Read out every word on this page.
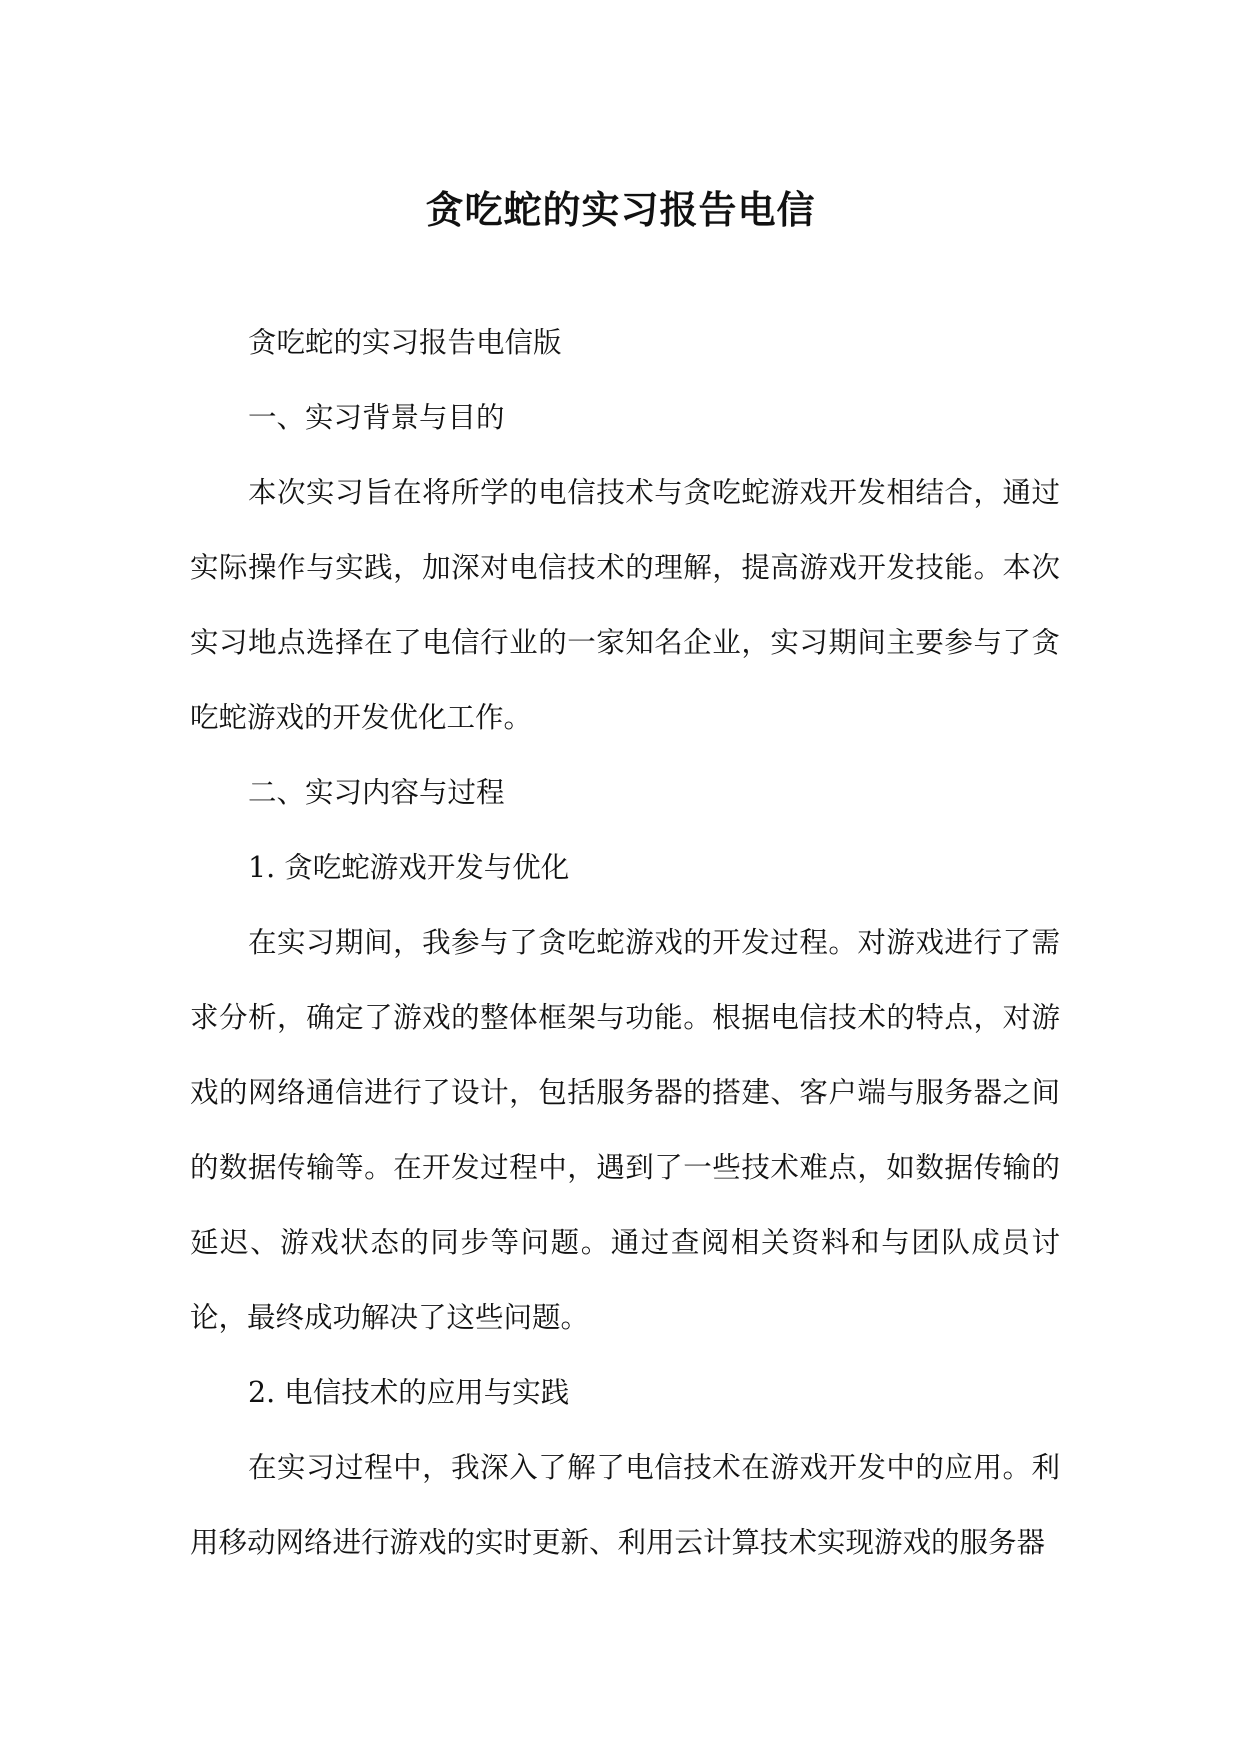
贪吃蛇的实习报告电信

贪吃蛇的实习报告电信版

一、实习背景与目的

本次实习旨在将所学的电信技术与贪吃蛇游戏开发相结合，通过实际操作与实践，加深对电信技术的理解，提高游戏开发技能。本次实习地点选择在了电信行业的一家知名企业，实习期间主要参与了贪吃蛇游戏的开发优化工作。

二、实习内容与过程

1. 贪吃蛇游戏开发与优化

在实习期间，我参与了贪吃蛇游戏的开发过程。对游戏进行了需求分析，确定了游戏的整体框架与功能。根据电信技术的特点，对游戏的网络通信进行了设计，包括服务器的搭建、客户端与服务器之间的数据传输等。在开发过程中，遇到了一些技术难点，如数据传输的延迟、游戏状态的同步等问题。通过查阅相关资料和与团队成员讨论，最终成功解决了这些问题。

2. 电信技术的应用与实践

在实习过程中，我深入了解了电信技术在游戏开发中的应用。利用移动网络进行游戏的实时更新、利用云计算技术实现游戏的服务器
